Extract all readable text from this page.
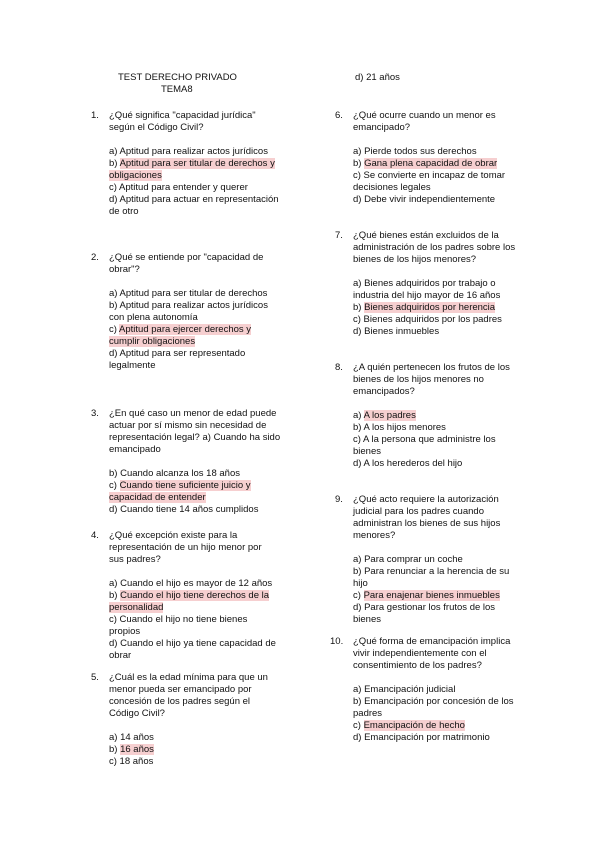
TEST DERECHO PRIVADO
TEMA8
d) 21 años
1. ¿Qué significa "capacidad jurídica" según el Código Civil?
a) Aptitud para realizar actos jurídicos
b) Aptitud para ser titular de derechos y obligaciones
c) Aptitud para entender y querer
d) Aptitud para actuar en representación de otro
2. ¿Qué se entiende por "capacidad de obrar"?
a) Aptitud para ser titular de derechos
b) Aptitud para realizar actos jurídicos con plena autonomía
c) Aptitud para ejercer derechos y cumplir obligaciones
d) Aptitud para ser representado legalmente
3. ¿En qué caso un menor de edad puede actuar por sí mismo sin necesidad de representación legal? a) Cuando ha sido emancipado
b) Cuando alcanza los 18 años
c) Cuando tiene suficiente juicio y capacidad de entender
d) Cuando tiene 14 años cumplidos
4. ¿Qué excepción existe para la representación de un hijo menor por sus padres?
a) Cuando el hijo es mayor de 12 años
b) Cuando el hijo tiene derechos de la personalidad
c) Cuando el hijo no tiene bienes propios
d) Cuando el hijo ya tiene capacidad de obrar
5. ¿Cuál es la edad mínima para que un menor pueda ser emancipado por concesión de los padres según el Código Civil?
a) 14 años
b) 16 años
c) 18 años
6. ¿Qué ocurre cuando un menor es emancipado?
a) Pierde todos sus derechos
b) Gana plena capacidad de obrar
c) Se convierte en incapaz de tomar decisiones legales
d) Debe vivir independientemente
7. ¿Qué bienes están excluidos de la administración de los padres sobre los bienes de los hijos menores?
a) Bienes adquiridos por trabajo o industria del hijo mayor de 16 años
b) Bienes adquiridos por herencia
c) Bienes adquiridos por los padres
d) Bienes inmuebles
8. ¿A quién pertenecen los frutos de los bienes de los hijos menores no emancipados?
a) A los padres
b) A los hijos menores
c) A la persona que administre los bienes
d) A los herederos del hijo
9. ¿Qué acto requiere la autorización judicial para los padres cuando administran los bienes de sus hijos menores?
a) Para comprar un coche
b) Para renunciar a la herencia de su hijo
c) Para enajenar bienes inmuebles
d) Para gestionar los frutos de los bienes
10. ¿Qué forma de emancipación implica vivir independientemente con el consentimiento de los padres?
a) Emancipación judicial
b) Emancipación por concesión de los padres
c) Emancipación de hecho
d) Emancipación por matrimonio
